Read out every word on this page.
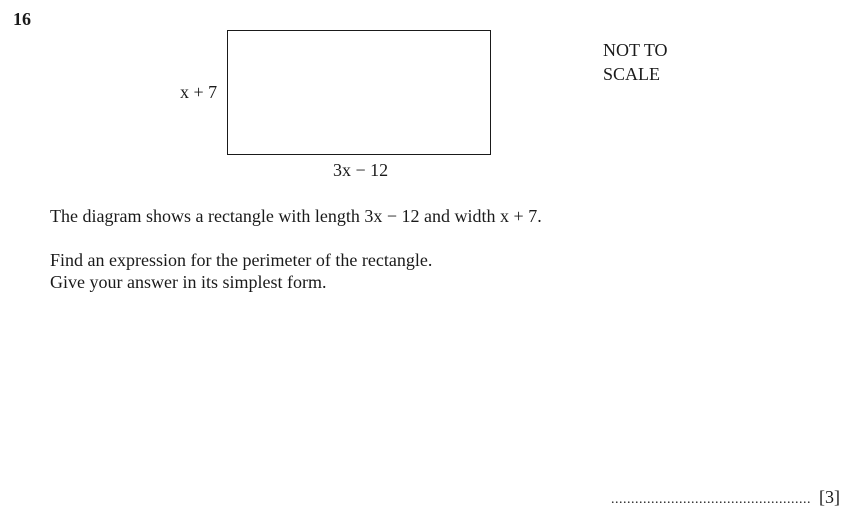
16
x + 7
3x − 12
NOT TO
SCALE

The diagram shows a rectangle with length 3x − 12 and width x + 7.

Find an expression for the perimeter of the rectangle.
Give your answer in its simplest form.
.................................................. [3]
